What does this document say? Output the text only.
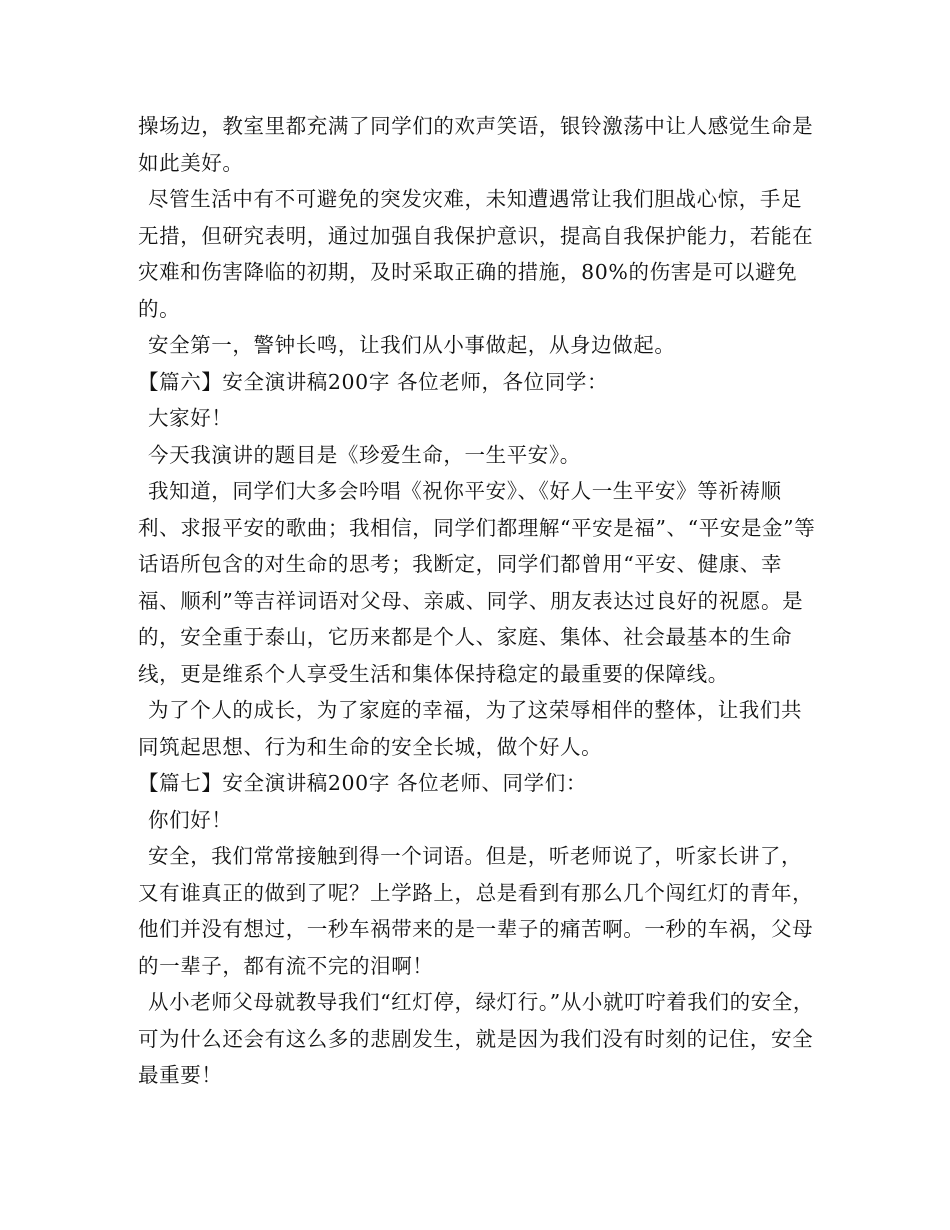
操场边，教室里都充满了同学们的欢声笑语，银铃激荡中让人感觉生命是如此美好。

尽管生活中有不可避免的突发灾难，未知遭遇常让我们胆战心惊，手足无措，但研究表明，通过加强自我保护意识，提高自我保护能力，若能在灾难和伤害降临的初期，及时采取正确的措施，80%的伤害是可以避免的。

安全第一，警钟长鸣，让我们从小事做起，从身边做起。

【篇六】安全演讲稿200字 各位老师，各位同学：

大家好！

今天我演讲的题目是《珍爱生命，一生平安》。

我知道，同学们大多会吟唱《祝你平安》、《好人一生平安》等祈祷顺利、求报平安的歌曲；我相信，同学们都理解“平安是福”、“平安是金”等话语所包含的对生命的思考；我断定，同学们都曾用“平安、健康、幸福、顺利”等吉祥词语对父母、亲戚、同学、朋友表达过良好的祝愿。是的，安全重于泰山，它历来都是个人、家庭、集体、社会最基本的生命线，更是维系个人享受生活和集体保持稳定的最重要的保障线。

为了个人的成长，为了家庭的幸福，为了这荣辱相伴的整体，让我们共同筑起思想、行为和生命的安全长城，做个好人。

【篇七】安全演讲稿200字 各位老师、同学们：

你们好！

安全，我们常常接触到得一个词语。但是，听老师说了，听家长讲了，又有谁真正的做到了呢？上学路上，总是看到有那么几个闯红灯的青年，他们并没有想过，一秒车祸带来的是一辈子的痛苦啊。一秒的车祸，父母的一辈子，都有流不完的泪啊！

从小老师父母就教导我们“红灯停，绿灯行。”从小就叮咛着我们的安全，可为什么还会有这么多的悲剧发生，就是因为我们没有时刻的记住，安全最重要！
